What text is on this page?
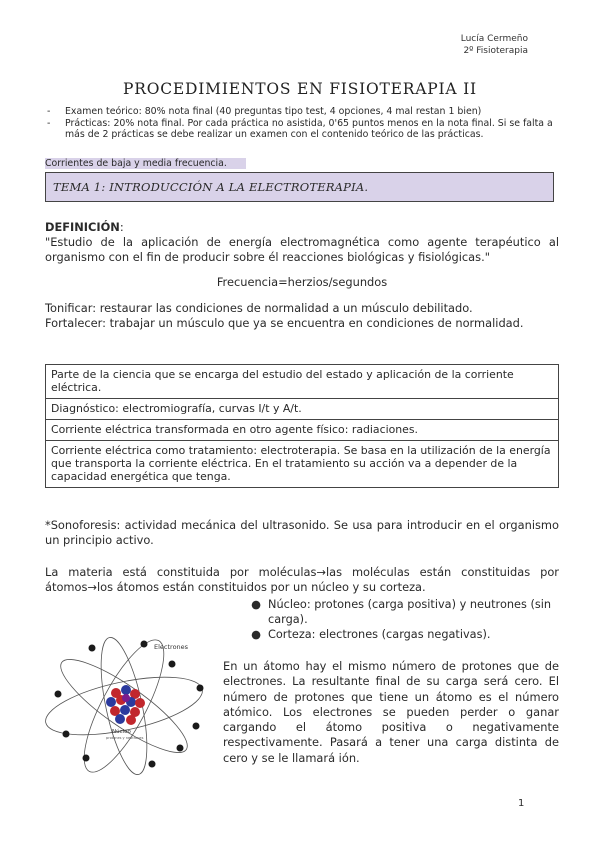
Lucía Cermeño
2º Fisioterapia
PROCEDIMIENTOS EN FISIOTERAPIA II
-	Examen teórico: 80% nota final (40 preguntas tipo test, 4 opciones, 4 mal restan 1 bien)
-	Prácticas: 20% nota final. Por cada práctica no asistida, 0'65 puntos menos en la nota final. Si se falta a más de 2 prácticas se debe realizar un examen con el contenido teórico de las prácticas.
Corrientes de baja y media frecuencia.
TEMA 1: INTRODUCCIÓN A LA ELECTROTERAPIA.
DEFINICIÓN:
"Estudio de la aplicación de energía electromagnética como agente terapéutico al organismo con el fin de producir sobre él reacciones biológicas y fisiológicas."
Frecuencia=herzios/segundos
Tonificar: restaurar las condiciones de normalidad a un músculo debilitado.
Fortalecer: trabajar un músculo que ya se encuentra en condiciones de normalidad.
Parte de la ciencia que se encarga del estudio del estado y aplicación de la corriente eléctrica.
Diagnóstico: electromiografía, curvas I/t y A/t.
Corriente eléctrica transformada en otro agente físico: radiaciones.
Corriente eléctrica como tratamiento: electroterapia. Se basa en la utilización de la energía que transporta la corriente eléctrica. En el tratamiento su acción va a depender de la capacidad energética que tenga.
*Sonoforesis: actividad mecánica del ultrasonido. Se usa para introducir en el organismo un principio activo.
La materia está constituida por moléculas→las moléculas están constituidas por átomos→los átomos están constituidos por un núcleo y su corteza.
● Núcleo: protones (carga positiva) y neutrones (sin carga).
● Corteza: electrones (cargas negativas).
Electrones
Núcleo
protones y neutrones
En un átomo hay el mismo número de protones que de electrones. La resultante final de su carga será cero. El número de protones que tiene un átomo es el número atómico. Los electrones se pueden perder o ganar cargando el átomo positiva o negativamente respectivamente. Pasará a tener una carga distinta de cero y se le llamará ión.
1
